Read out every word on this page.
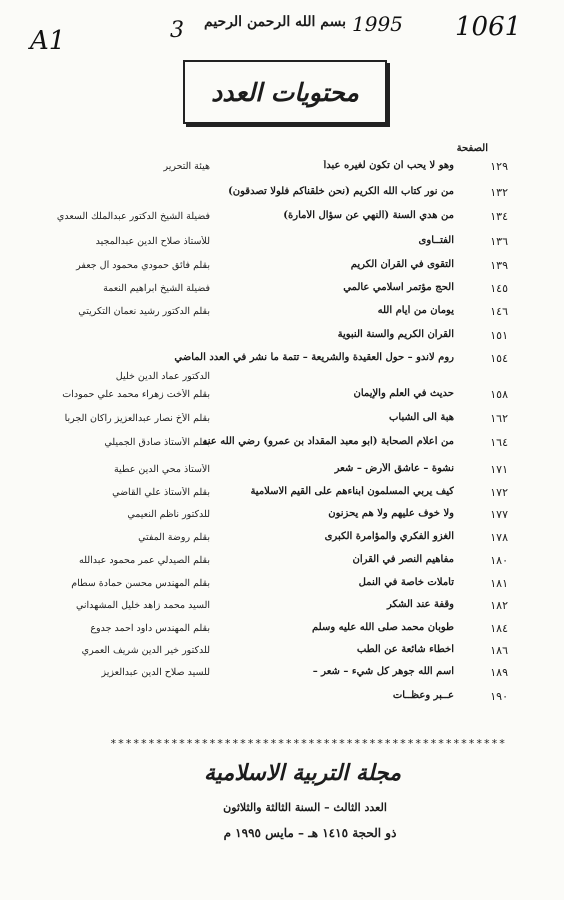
A1	3	1995 1061
بسم الله الرحمن الرحيم
محتويات العدد
الصفحة
١٢٩
وهو لا يحب أن تكون لغيره عبداً
هيئة التحرير
١٣٢
من نور كتاب الله الكريم (نحن خلقناكم فلولا تصدقون)
١٣٤
من هدي السنة (النهي عن سؤال الأمارة)
فضيلة الشيخ الدكتور عبدالملك السعدي
١٣٦
الفتــاوى
للأستاذ صلاح الدين عبدالمجيد
١٣٩
التقوى في القرآن الكريم
بقلم فائق حمودي محمود آل جعفر
١٤٥
الحج مؤتمر اسلامي عالمي
فضيلة الشيخ ابراهيم النعمة
١٤٦
يومان من أيام الله
بقلم الدكتور رشيد نعمان التكريتي
١٥١
القرآن الكريم والسنة النبوية
١٥٤
روم لاندو – حول العقيدة والشريعة – تتمة ما نشر في العدد الماضي
الدكتور عماد الدين خليل
١٥٨
حديث في العلم والإيمان
بقلم الأخت زهراء محمد علي حمودات
١٦٢
هبة الى الشباب
بقلم الأخ نصار عبدالعزيز راكان الجربا
١٦٤
من أعلام الصحابة (ابو معبد المقداد بن عمرو) رضي الله عنه
بقلم الأستاذ صادق الجميلي
١٧١
نشوة – عاشق الأرض – شعر
الأستاذ محي الدين عطية
١٧٢
كيف يربي المسلمون أبناءهم على القيم الاسلامية
بقلم الأستاذ علي القاضي
١٧٧
ولا خوف عليهم ولا هم يحزنون
للدكتور ناظم النعيمي
١٧٨
الغزو الفكري والمؤامرة الكبرى
بقلم روضة المفتي
١٨٠
مفاهيم النصر في القرآن
بقلم الصيدلي عمر محمود عبدالله
١٨١
تأملات خاصة في النمل
بقلم المهندس محسن حمادة سطام
١٨٢
وقفة عند الشكر
السيد محمد زاهد خليل المشهداني
١٨٤
طوبان محمد صلى الله عليه وسلم
بقلم المهندس داود احمد جدوع
١٨٦
اخطاء شائعة عن الطب
للدكتور خير الدين شريف العمري
١٨٩
اسم الله جوهر كل شيء – شعر –
للسيد صلاح الدين عبدالعزيز
١٩٠
عــبر وعظــات
****************************************************
مجلة التربية الاسلامية
العدد الثالث – السنة الثالثة والثلاثون
ذو الحجة ١٤١٥ هـ – مايس ١٩٩٥ م
